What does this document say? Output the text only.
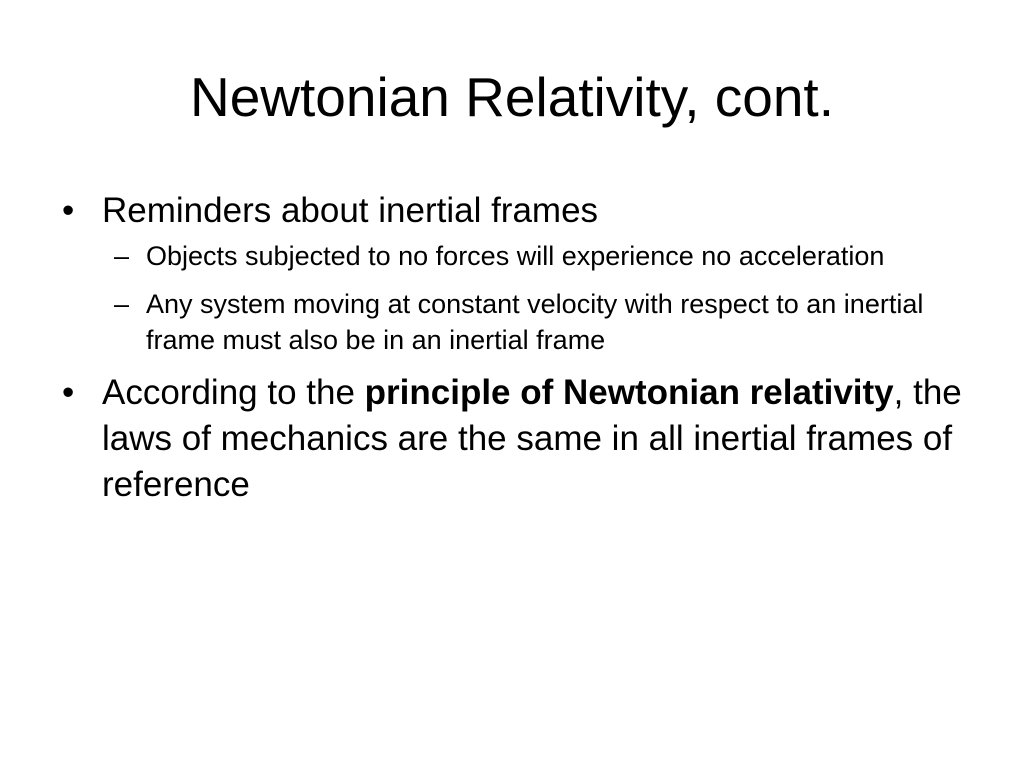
Newtonian Relativity, cont.
• Reminders about inertial frames
– Objects subjected to no forces will experience no acceleration
– Any system moving at constant velocity with respect to an inertial frame must also be in an inertial frame
• According to the principle of Newtonian relativity, the laws of mechanics are the same in all inertial frames of reference
